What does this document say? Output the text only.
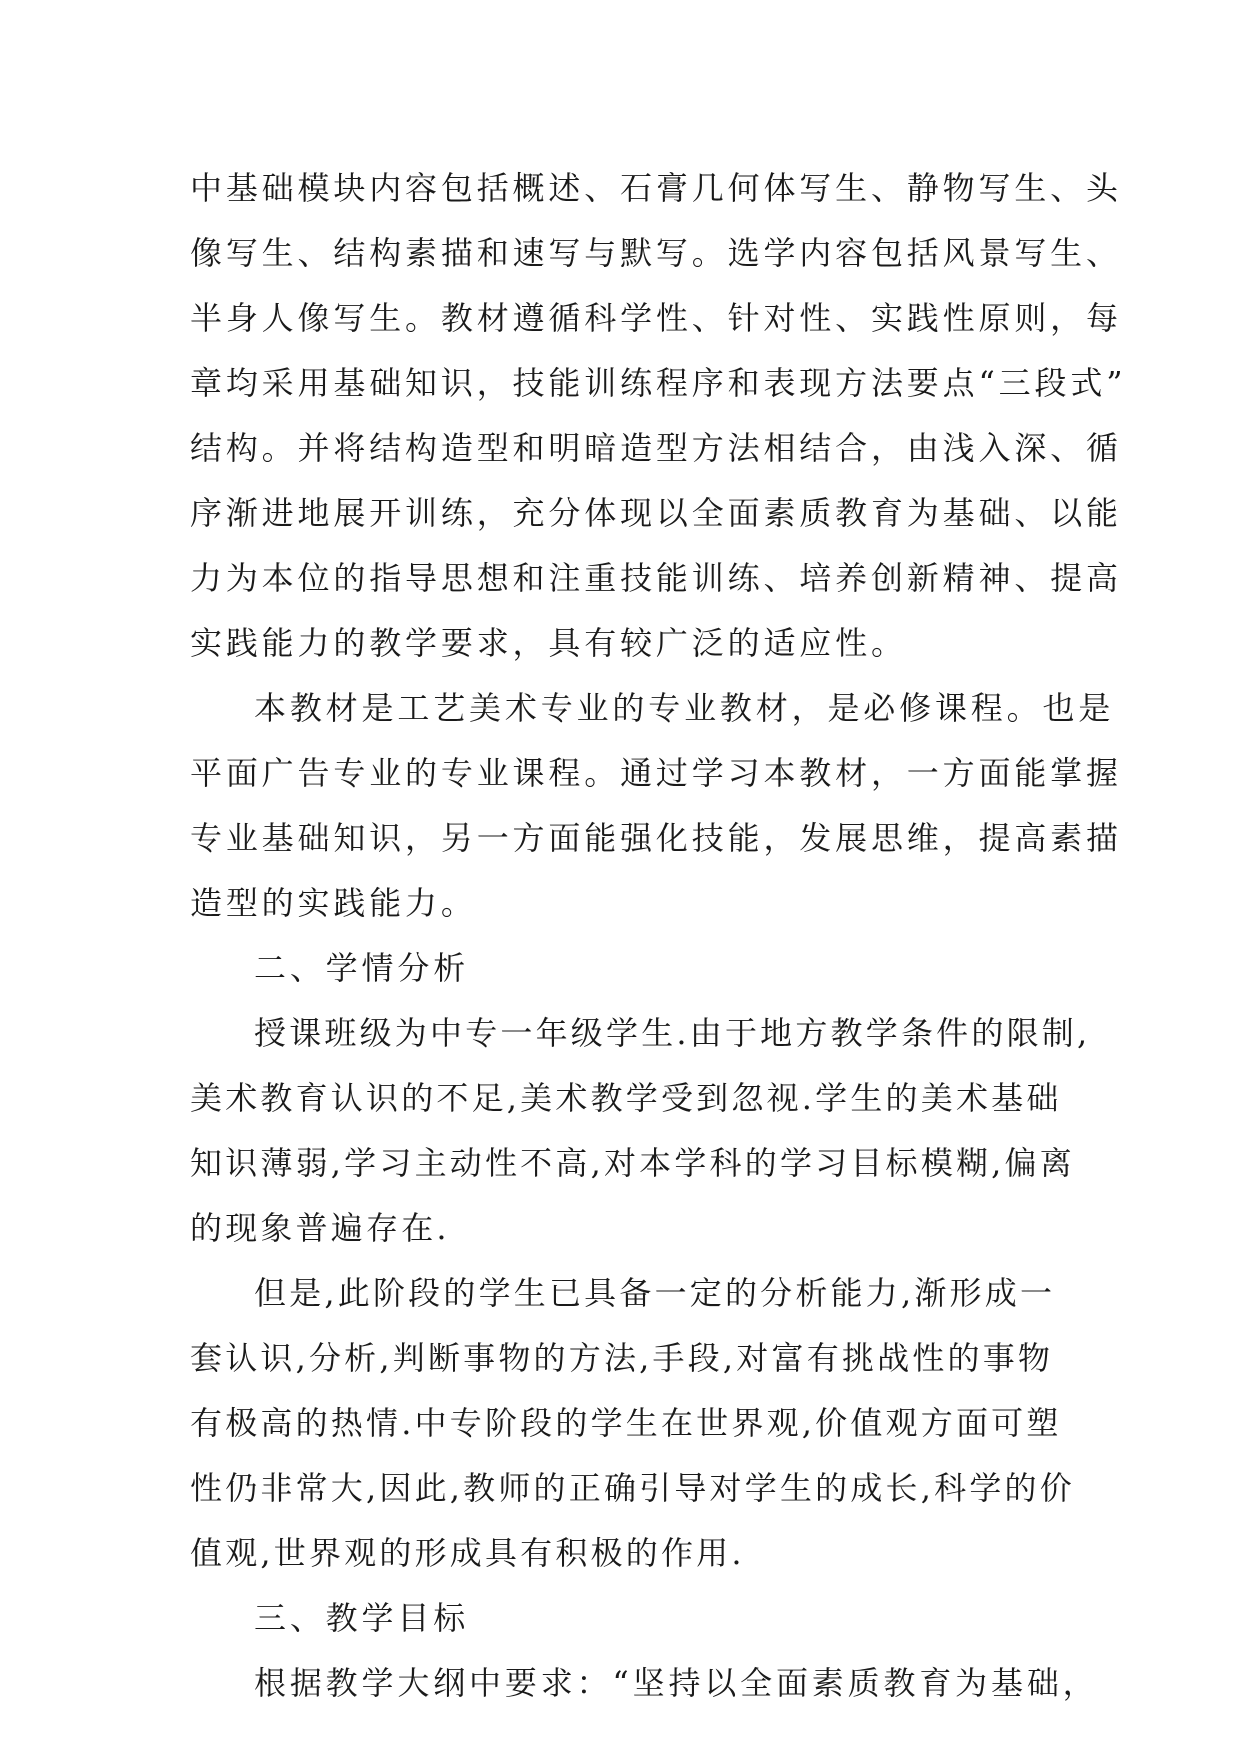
中基础模块内容包括概述、石膏几何体写生、静物写生、头
像写生、结构素描和速写与默写。选学内容包括风景写生、
半身人像写生。教材遵循科学性、针对性、实践性原则，每
章均采用基础知识，技能训练程序和表现方法要点“三段式”
结构。并将结构造型和明暗造型方法相结合，由浅入深、循
序渐进地展开训练，充分体现以全面素质教育为基础、以能
力为本位的指导思想和注重技能训练、培养创新精神、提高
实践能力的教学要求，具有较广泛的适应性。
本教材是工艺美术专业的专业教材，是必修课程。也是
平面广告专业的专业课程。通过学习本教材，一方面能掌握
专业基础知识，另一方面能强化技能，发展思维，提高素描
造型的实践能力。
二、学情分析
授课班级为中专一年级学生.由于地方教学条件的限制,
美术教育认识的不足,美术教学受到忽视.学生的美术基础
知识薄弱,学习主动性不高,对本学科的学习目标模糊,偏离
的现象普遍存在.
但是,此阶段的学生已具备一定的分析能力,渐形成一
套认识,分析,判断事物的方法,手段,对富有挑战性的事物
有极高的热情.中专阶段的学生在世界观,价值观方面可塑
性仍非常大,因此,教师的正确引导对学生的成长,科学的价
值观,世界观的形成具有积极的作用.
三、教学目标
根据教学大纲中要求：“坚持以全面素质教育为基础，
